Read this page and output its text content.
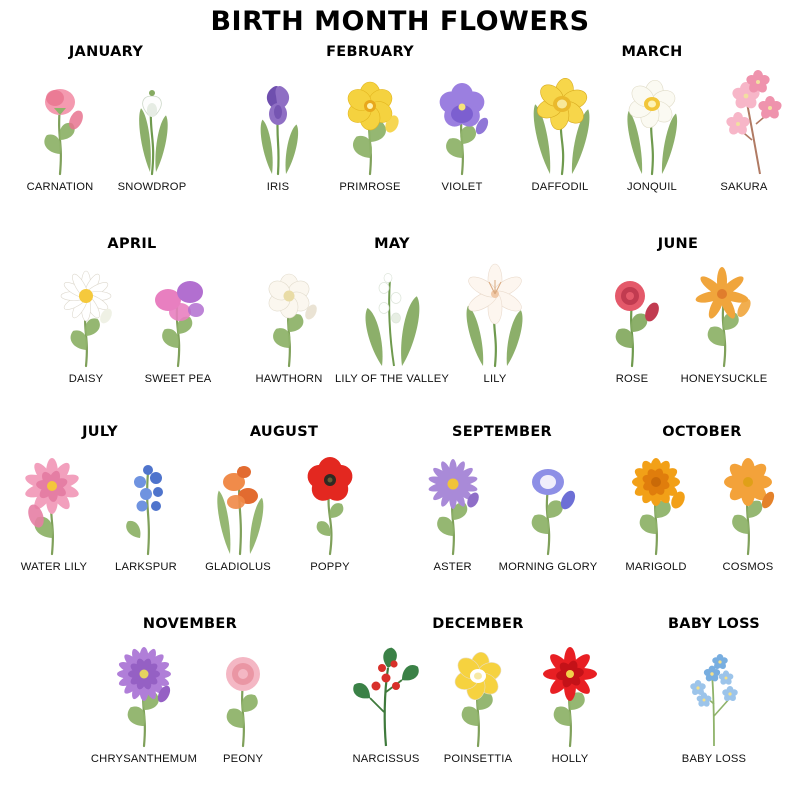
BIRTH MONTH FLOWERS
JANUARY
CARNATION SNOWDROP
FEBRUARY
IRIS	PRIMROSE	VIOLET
MARCH
DAFFODIL	JONQUIL	SAKURA
APRIL
DAISY	SWEET PEA
MAY
HAWTHORN LILY OF THE VALLEY	LILY
JUNE
ROSE	HONEYSUCKLE
JULY
WATER LILY LARKSPUR
AUGUST
GLADIOLUS	POPPY
SEPTEMBER
ASTER MORNING GLORY
OCTOBER
MARIGOLD	COSMOS
NOVEMBER
CHRYSANTHEMUM PEONY
DECEMBER
NARCISSUS POINSETTIA	HOLLY
BABY LOSS
BABY LOSS
